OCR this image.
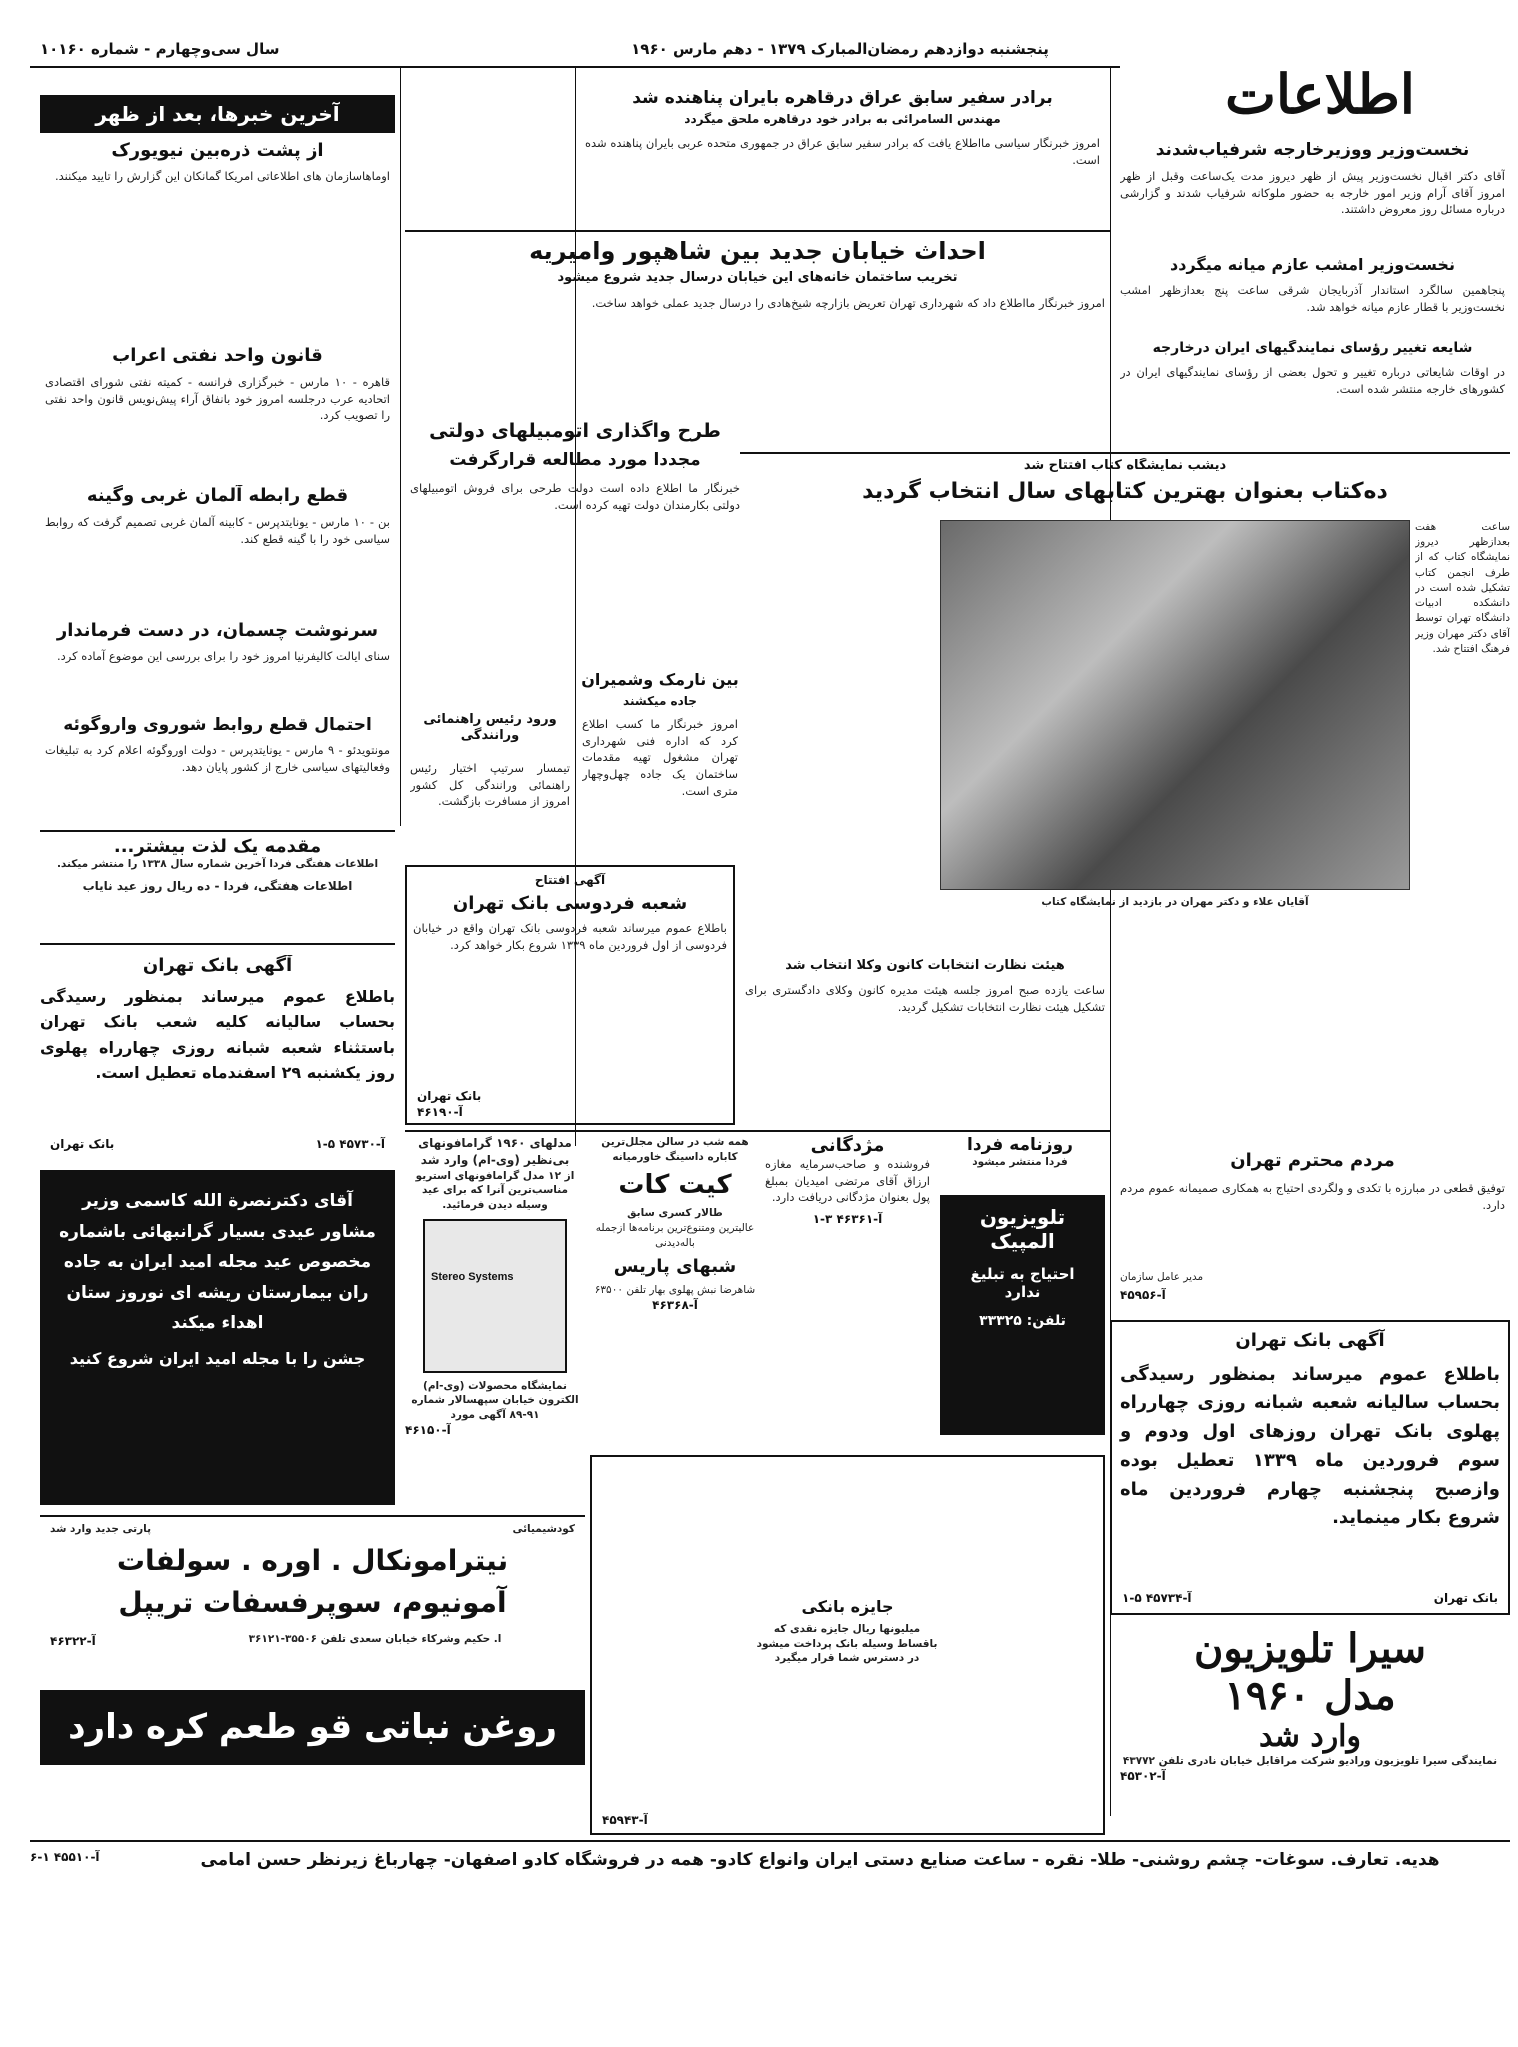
سال سی‌وچهارم - شماره ۱۰۱۶۰	پنجشنبه دوازدهم رمضان‌المبارک ۱۳۷۹ - دهم مارس ۱۹۶۰
اطلاعات
نخست‌وزیر ووزیرخارجه شرفیاب‌شدند
آقای دکتر اقبال نخست‌وزیر پیش از ظهر دیروز مدت یک‌ساعت وقبل از ظهر امروز آقای آرام وزیر امور خارجه به حضور ملوکانه شرفیاب شدند و گزارشی درباره مسائل روز معروض داشتند.
نخست‌وزیر امشب عازم میانه میگردد
پنجاهمین سالگرد استاندار آذربایجان شرقی ساعت پنج بعدازظهر امشب نخست‌وزیر با قطار عازم میانه خواهد شد.
شایعه تغییر رؤسای نمایندگیهای ایران درخارجه
در اوقات شایعاتی درباره تغییر و تحول بعضی از رؤسای نمایندگیهای ایران در کشورهای خارجه منتشر شده است.
دیشب نمایشگاه کتاب افتتاح شد
ده‌کتاب بعنوان بهترین کتابهای سال انتخاب گردید
آقایان علاء و دکتر مهران در بازدید از نمایشگاه کتاب
ساعت هفت بعدازظهر دیروز نمایشگاه کتاب که از طرف انجمن کتاب تشکیل شده است در دانشکده ادبیات دانشگاه تهران توسط آقای دکتر مهران وزیر فرهنگ افتتاح شد.
هیئت نظارت انتخابات کانون وکلا انتخاب شد
ساعت یازده صبح امروز جلسه هیئت مدیره کانون وکلای دادگستری برای تشکیل هیئت نظارت انتخابات تشکیل گردید.
مردم محترم تهران
توفیق قطعی در مبارزه با تکدی و ولگردی احتیاج به همکاری صمیمانه عموم مردم دارد.
مدیر عامل سازمان
آ-۴۵۹۵۶
آگهی بانک تهران
باطلاع عموم میرساند بمنظور رسیدگی بحساب سالیانه شعبه شبانه روزی چهارراه پهلوی بانک تهران روزهای اول ودوم و سوم فروردین ماه ۱۳۳۹ تعطیل بوده وازصبح پنجشنبه چهارم فروردین ماه شروع بکار مینماید.
بانک تهران
آ-۴۵۷۳۴ ۵-۱
سیرا تلویزیون
مدل ۱۹۶۰
وارد شد
نمایندگی سیرا تلویزیون ورادیو شرکت مراقابل خیابان نادری تلفن ۴۳۷۷۲
آ-۴۵۳۰۲
برادر سفیر سابق عراق درقاهره بایران پناهنده شد
مهندس السامرائی به برادر خود درقاهره ملحق میگردد
امروز خبرنگار سیاسی مااطلاع یافت که برادر سفیر سابق عراق در جمهوری متحده عربی بایران پناهنده شده است.
احداث خیابان جدید بین شاهپور وامیریه
تخریب ساختمان خانه‌های این خیابان درسال جدید شروع میشود
امروز خبرنگار مااطلاع داد که شهرداری تهران تعریض بازارچه شیخ‌هادی را درسال جدید عملی خواهد ساخت.
طرح واگذاری اتومبیلهای دولتی
مجددا مورد مطالعه قرارگرفت
خبرنگار ما اطلاع داده است دولت طرحی برای فروش اتومبیلهای دولتی بکارمندان دولت تهیه کرده است.
بین نارمک وشمیران
جاده میکشند
امروز خبرنگار ما کسب اطلاع کرد که اداره فنی شهرداری تهران مشغول تهیه مقدمات ساختمان یک جاده چهل‌وچهار متری است.
ورود رئیس راهنمائی ورانندگی
تیمسار سرتیپ اختیار رئیس راهنمائی ورانندگی کل کشور امروز از مسافرت بازگشت.
آگهی افتتاح
شعبه فردوسی بانک تهران
باطلاع عموم میرساند شعبه فردوسی بانک تهران واقع در خیابان فردوسی از اول فروردین ماه ۱۳۳۹ شروع بکار خواهد کرد.
بانک تهران
آ-۴۶۱۹۰
مدلهای ۱۹۶۰ گرامافونهای بی‌نظیر (وی-ام) وارد شد
از ۱۲ مدل گرامافونهای استریو مناسب‌ترین آنرا که برای عید وسیله دیدن فرمائید.
Stereo Systems
نمایشگاه محصولات (وی-ام) الکترون خیابان سپهسالار شماره ۹۱-۸۹ آگهی مورد
آ-۴۶۱۵۰
همه شب در سالن مجلل‌ترین کاباره داسینگ خاورمیانه
کیت کات
طالار کسری سابق
عالیترین ومتنوع‌ترین برنامه‌ها ازجمله باله‌دیدنی
شبهای پاریس
شاهرضا نبش پهلوی بهار تلفن ۶۳۵۰۰
آ-۴۶۳۶۸
مژدگانی
فروشنده و صاحب‌سرمایه مغازه ارزاق آقای مرتضی امیدیان بمبلغ پول بعنوان مژدگانی دریافت دارد.
آ-۴۶۳۶۱ ۳-۱
روزنامه فردا
فردا منتشر میشود
تلویزیون المپیک
احتیاج به تبلیغ ندارد
تلفن: ۳۳۳۲۵
جایزه بانکی
میلیونها ریال جایزه نقدی که باقساط وسیله بانک پرداخت میشود در دسترس شما قرار میگیرد
آ-۴۵۹۴۳
آخرین خبرها، بعد از ظهر
از پشت ذره‌بین نیویورک
اوماهاسازمان های اطلاعاتی امریکا گمانکان این گزارش را تایید میکنند.
قانون واحد نفتی اعراب
قاهره - ۱۰ مارس - خبرگزاری فرانسه - کمیته نفتی شورای اقتصادی اتحادیه عرب درجلسه امروز خود بانفاق آراء پیش‌نویس قانون واحد نفتی را تصویب کرد.
قطع رابطه آلمان غربی وگینه
بن - ۱۰ مارس - یونایتدپرس - کابینه آلمان غربی تصمیم گرفت که روابط سیاسی خود را با گینه قطع کند.
سرنوشت چسمان، در دست فرماندار
سنای ایالت کالیفرنیا امروز خود را برای بررسی این موضوع آماده کرد.
احتمال قطع روابط شوروی واروگوئه
مونتویدئو - ۹ مارس - یونایتدپرس - دولت اوروگوئه اعلام کرد به تبلیغات وفعالیتهای سیاسی خارج از کشور پایان دهد.
مقدمه یک لذت بیشتر...
اطلاعات هفتگی فردا آخرین شماره سال ۱۳۳۸ را منتشر میکند.
اطلاعات هفتگی، فردا - ده ریال روز عید نایاب
آگهی بانک تهران
باطلاع عموم میرساند بمنظور رسیدگی بحساب سالیانه کلیه شعب بانک تهران باستثناء شعبه شبانه روزی چهارراه پهلوی روز یکشنبه ۲۹ اسفندماه تعطیل است.
بانک تهران	آ-۴۵۷۳۰ ۵-۱
آقای دکترنصرة الله کاسمی وزیر مشاور عیدی بسیار گرانبهائی باشماره مخصوص عید مجله امید ایران به جاده ران بیمارستان ریشه ای نوروز ستان اهداء میکند
جشن را با مجله امید ایران شروع کنید
کودشیمیائی
پارتی جدید وارد شد
نیترامونکال . اوره . سولفات
آمونیوم، سوپرفسفات تریپل
ا. حکیم وشرکاء خیابان سعدی تلفن ۳۵۵۰۶-۳۶۱۲۱
آ-۴۶۳۲۲
روغن نباتی قو طعم کره دارد
هدیه. تعارف. سوغات- چشم روشنی- طلا- نقره - ساعت صنایع دستی ایران وانواع کادو- همه در فروشگاه کادو اصفهان- چهارباغ زیرنظر حسن امامی
آ-۴۵۵۱۰ ۱-۶
